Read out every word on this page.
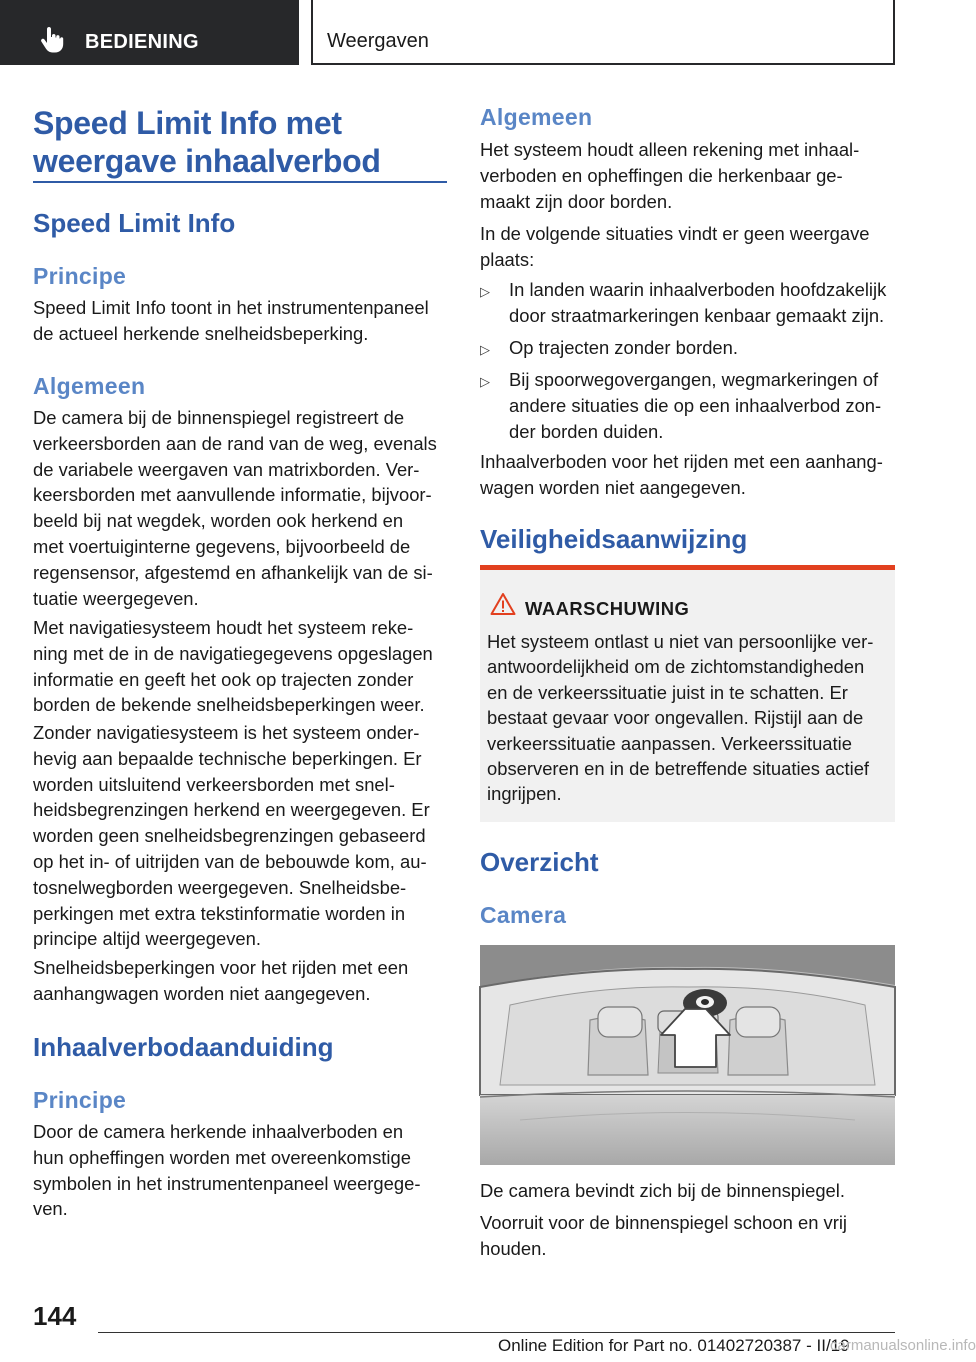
BEDIENING	Weergaven
Speed Limit Info met
weergave inhaalverbod
Speed Limit Info
Principe
Speed Limit Info toont in het instrumentenpaneel
de actueel herkende snelheidsbeperking.
Algemeen
De camera bij de binnenspiegel registreert de
verkeersborden aan de rand van de weg, evenals
de variabele weergaven van matrixborden. Ver-
keersborden met aanvullende informatie, bijvoor-
beeld bij nat wegdek, worden ook herkend en
met voertuiginterne gegevens, bijvoorbeeld de
regensensor, afgestemd en afhankelijk van de si-
tuatie weergegeven.
Met navigatiesysteem houdt het systeem reke-
ning met de in de navigatiegegevens opgeslagen
informatie en geeft het ook op trajecten zonder
borden de bekende snelheidsbeperkingen weer.
Zonder navigatiesysteem is het systeem onder-
hevig aan bepaalde technische beperkingen. Er
worden uitsluitend verkeersborden met snel-
heidsbegrenzingen herkend en weergegeven. Er
worden geen snelheidsbegrenzingen gebaseerd
op het in- of uitrijden van de bebouwde kom, au-
tosnelwegborden weergegeven. Snelheidsbe-
perkingen met extra tekstinformatie worden in
principe altijd weergegeven.
Snelheidsbeperkingen voor het rijden met een
aanhangwagen worden niet aangegeven.
Inhaalverbodaanduiding
Principe
Door de camera herkende inhaalverboden en
hun opheffingen worden met overeenkomstige
symbolen in het instrumentenpaneel weergege-
ven.
Algemeen
Het systeem houdt alleen rekening met inhaal-
verboden en opheffingen die herkenbaar ge-
maakt zijn door borden.
In de volgende situaties vindt er geen weergave
plaats:
▷ In landen waarin inhaalverboden hoofdzakelijk
door straatmarkeringen kenbaar gemaakt zijn.
▷ Op trajecten zonder borden.
▷ Bij spoorwegovergangen, wegmarkeringen of
andere situaties die op een inhaalverbod zon-
der borden duiden.
Inhaalverboden voor het rijden met een aanhang-
wagen worden niet aangegeven.
Veiligheidsaanwijzing
WAARSCHUWING
Het systeem ontlast u niet van persoonlijke ver-
antwoordelijkheid om de zichtomstandigheden
en de verkeerssituatie juist in te schatten. Er
bestaat gevaar voor ongevallen. Rijstijl aan de
verkeerssituatie aanpassen. Verkeerssituatie
observeren en in de betreffende situaties actief
ingrijpen.
Overzicht
Camera
De camera bevindt zich bij de binnenspiegel.
Voorruit voor de binnenspiegel schoon en vrij
houden.
144
Online Edition for Part no. 01402720387 - II/19
carmanualsonline.info
